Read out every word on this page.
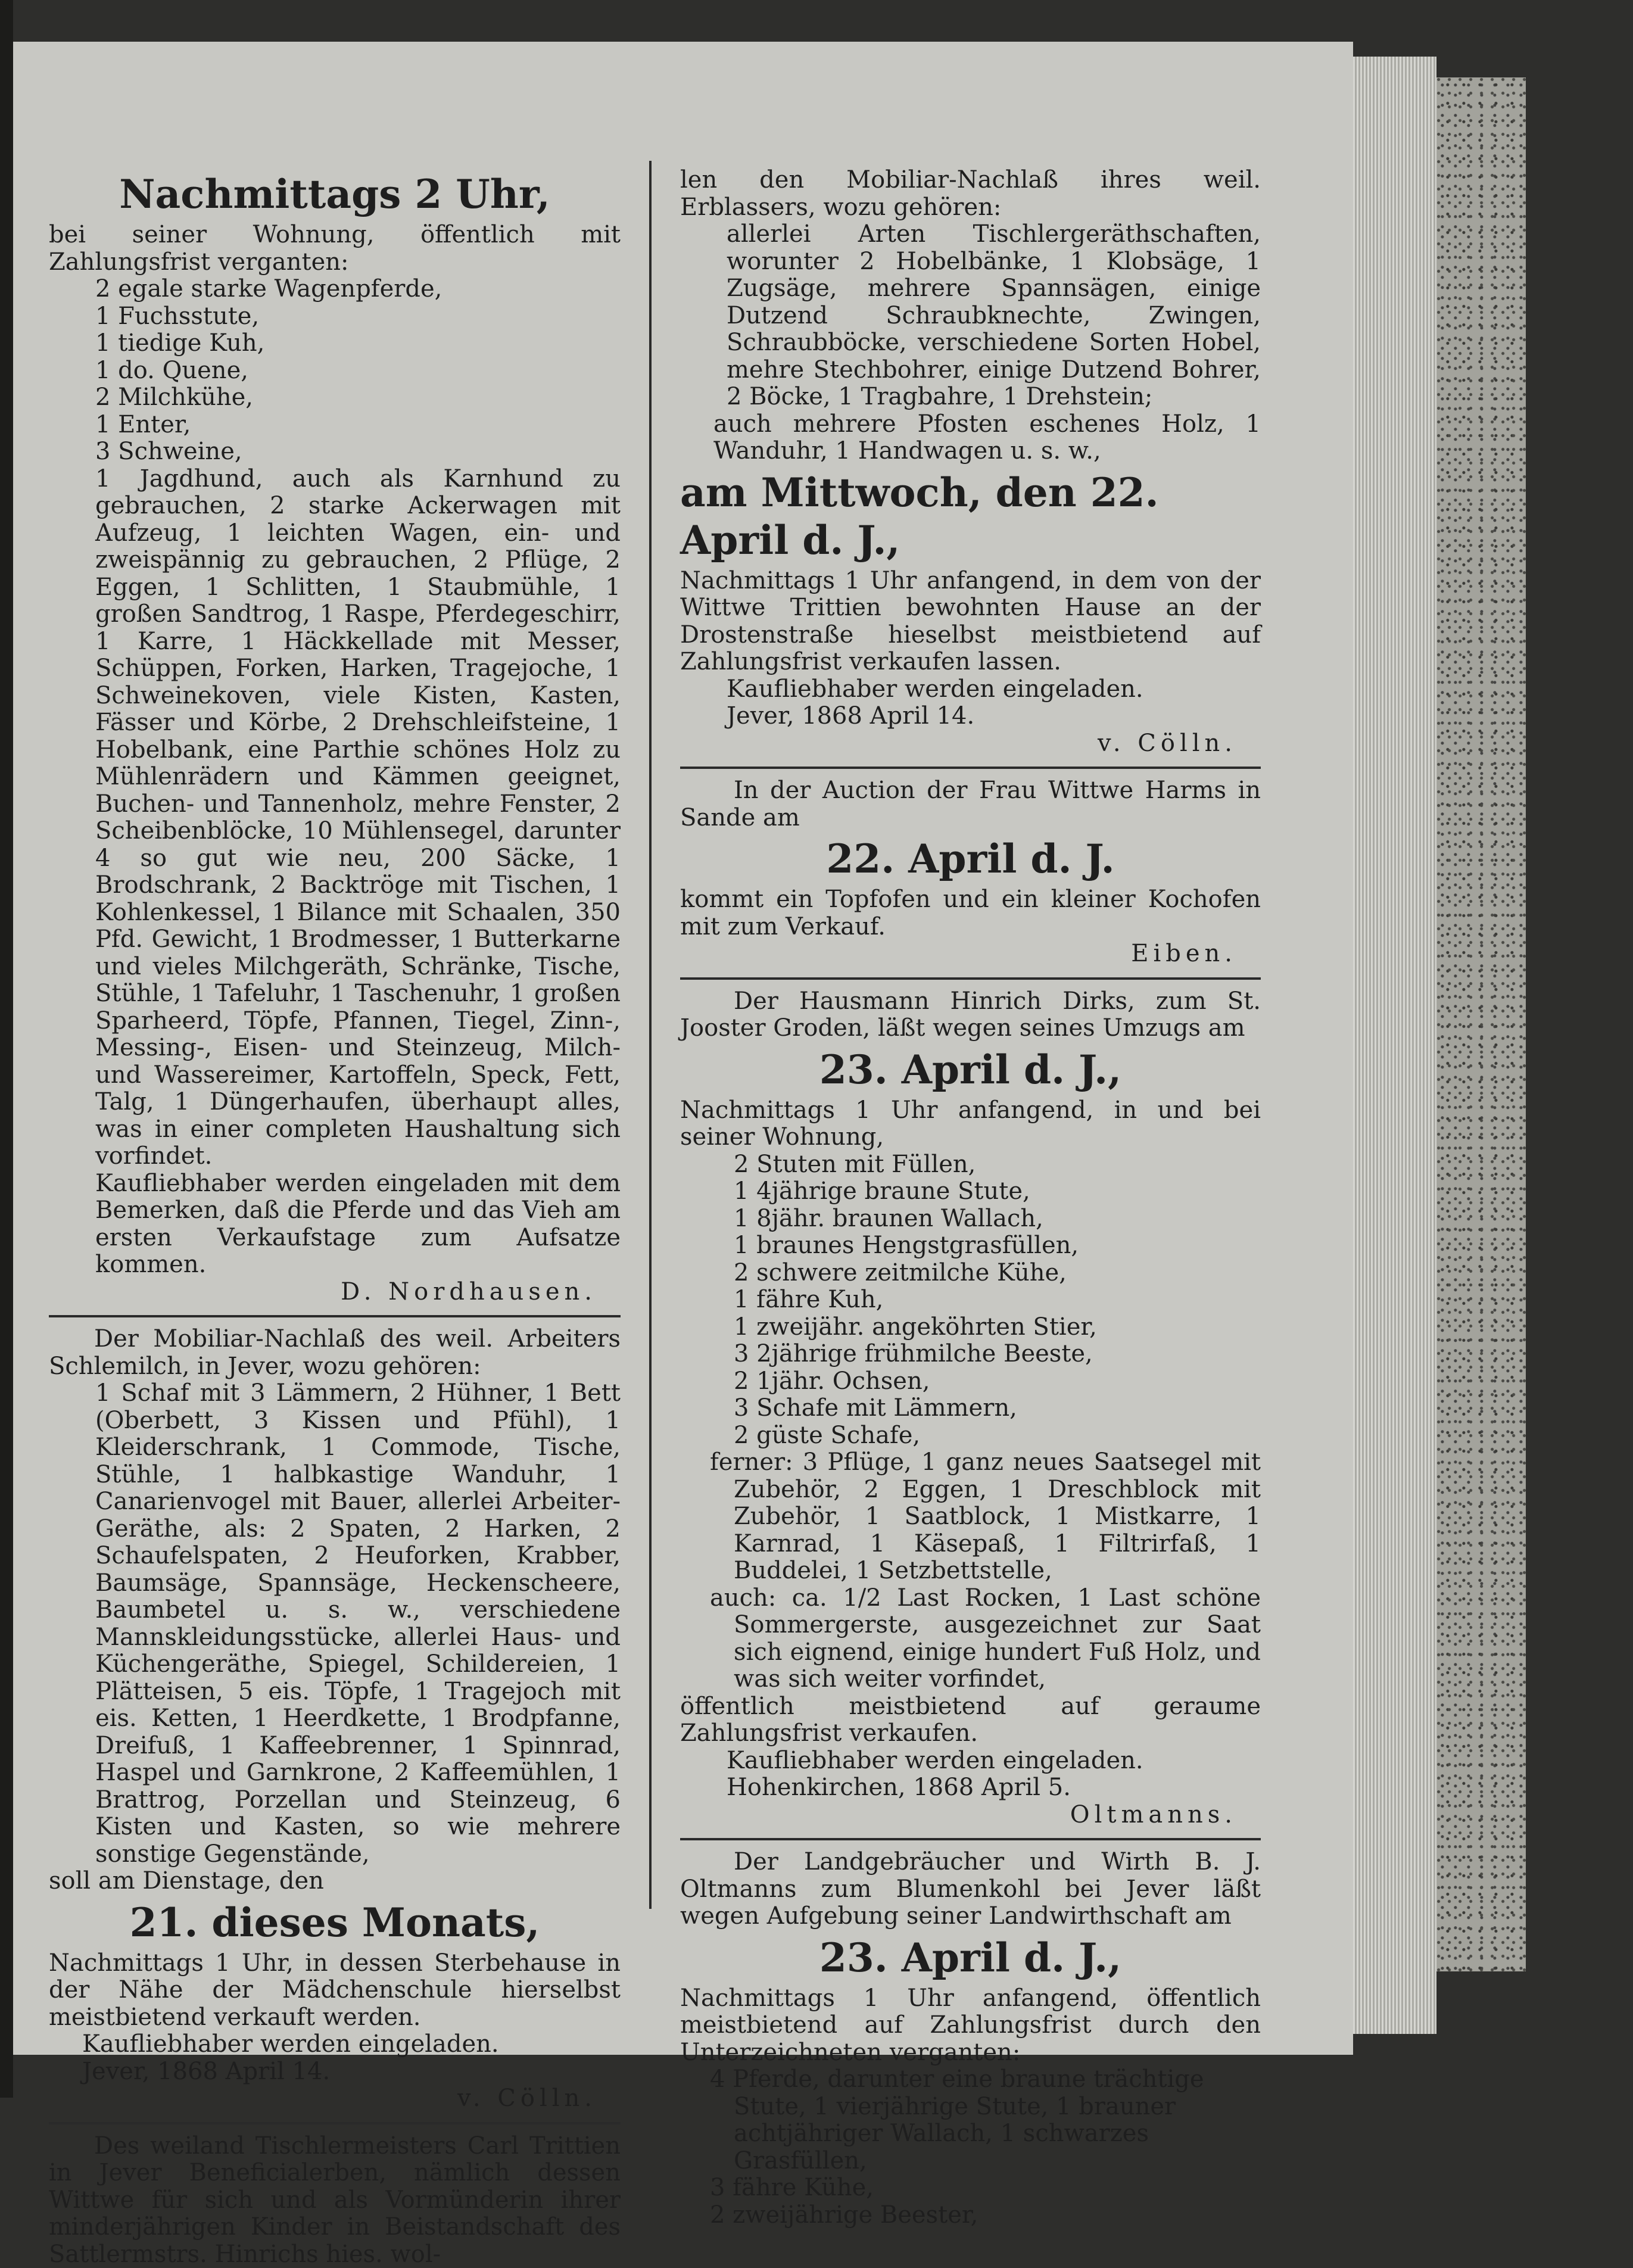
Nachmittags 2 Uhr,

bei seiner Wohnung, öffentlich mit Zahlungsfrist verganten:

2 egale starke Wagenpferde,
1 Fuchsstute,
1 tiedige Kuh,
1 do. Quene,
2 Milchkühe,
1 Enter,
3 Schweine,

1 Jagdhund, auch als Karnhund zu gebrauchen, 2 starke Ackerwagen mit Aufzeug, 1 leichten Wagen, ein- und zweispännig zu gebrauchen, 2 Pflüge, 2 Eggen, 1 Schlitten, 1 Staubmühle, 1 großen Sandtrog, 1 Raspe, Pferdegeschirr, 1 Karre, 1 Häckkellade mit Messer, Schüppen, Forken, Harken, Tragejoche, 1 Schweinekoven, viele Kisten, Kasten, Fässer und Körbe, 2 Drehschleifsteine, 1 Hobelbank, eine Parthie schönes Holz zu Mühlenrädern und Kämmen geeignet, Buchen- und Tannenholz, mehre Fenster, 2 Scheibenblöcke, 10 Mühlensegel, darunter 4 so gut wie neu, 200 Säcke, 1 Brodschrank, 2 Backtröge mit Tischen, 1 Kohlenkessel, 1 Bilance mit Schaalen, 350 Pfd. Gewicht, 1 Brodmesser, 1 Butterkarne und vieles Milchgeräth, Schränke, Tische, Stühle, 1 Tafeluhr, 1 Taschenuhr, 1 großen Sparheerd, Töpfe, Pfannen, Tiegel, Zinn-, Messing-, Eisen- und Steinzeug, Milch- und Wassereimer, Kartoffeln, Speck, Fett, Talg, 1 Düngerhaufen, überhaupt alles, was in einer completen Haushaltung sich vorfindet.

Kaufliebhaber werden eingeladen mit dem Bemerken, daß die Pferde und das Vieh am ersten Verkaufstage zum Aufsatze kommen.

D. Nordhausen.

Der Mobiliar-Nachlaß des weil. Arbeiters Schlemilch, in Jever, wozu gehören:

1 Schaf mit 3 Lämmern, 2 Hühner, 1 Bett (Oberbett, 3 Kissen und Pfühl), 1 Kleiderschrank, 1 Commode, Tische, Stühle, 1 halbkastige Wanduhr, 1 Canarienvogel mit Bauer, allerlei Arbeiter-Geräthe, als: 2 Spaten, 2 Harken, 2 Schaufelspaten, 2 Heuforken, Krabber, Baumsäge, Spannsäge, Heckenscheere, Baumbetel u. s. w., verschiedene Mannskleidungsstücke, allerlei Haus- und Küchengeräthe, Spiegel, Schildereien, 1 Plätteisen, 5 eis. Töpfe, 1 Tragejoch mit eis. Ketten, 1 Heerdkette, 1 Brodpfanne, Dreifuß, 1 Kaffeebrenner, 1 Spinnrad, Haspel und Garnkrone, 2 Kaffeemühlen, 1 Brattrog, Porzellan und Steinzeug, 6 Kisten und Kasten, so wie mehrere sonstige Gegenstände,

soll am Dienstage, den

21. dieses Monats,

Nachmittags 1 Uhr, in dessen Sterbehause in der Nähe der Mädchenschule hierselbst meistbietend verkauft werden.

Kaufliebhaber werden eingeladen.

Jever, 1868 April 14.

v. Cölln.

Des weiland Tischlermeisters Carl Trittien in Jever Beneficialerben, nämlich dessen Wittwe für sich und als Vormünderin ihrer minderjährigen Kinder in Beistandschaft des Sattlermstrs. Hinrichs hies. wol-

len den Mobiliar-Nachlaß ihres weil. Erblassers, wozu gehören:

allerlei Arten Tischlergeräthschaften, worunter 2 Hobelbänke, 1 Klobsäge, 1 Zugsäge, mehrere Spannsägen, einige Dutzend Schraubknechte, Zwingen, Schraubböcke, verschiedene Sorten Hobel, mehre Stechbohrer, einige Dutzend Bohrer, 2 Böcke, 1 Tragbahre, 1 Drehstein;

auch mehrere Pfosten eschenes Holz, 1 Wanduhr, 1 Handwagen u. s. w.,

am Mittwoch, den 22. April d. J.,

Nachmittags 1 Uhr anfangend, in dem von der Wittwe Trittien bewohnten Hause an der Drostenstraße hieselbst meistbietend auf Zahlungsfrist verkaufen lassen.

Kaufliebhaber werden eingeladen.

Jever, 1868 April 14.

v. Cölln.

In der Auction der Frau Wittwe Harms in Sande am

22. April d. J.

kommt ein Topfofen und ein kleiner Kochofen mit zum Verkauf.

Eiben.

Der Hausmann Hinrich Dirks, zum St. Jooster Groden, läßt wegen seines Umzugs am

23. April d. J.,

Nachmittags 1 Uhr anfangend, in und bei seiner Wohnung,

2 Stuten mit Füllen,
1 4jährige braune Stute,
1 8jähr. braunen Wallach,
1 braunes Hengstgrasfüllen,
2 schwere zeitmilche Kühe,
1 fähre Kuh,
1 zweijähr. angeköhrten Stier,
3 2jährige frühmilche Beeste,
2 1jähr. Ochsen,
3 Schafe mit Lämmern,
2 güste Schafe,

ferner: 3 Pflüge, 1 ganz neues Saatsegel mit Zubehör, 2 Eggen, 1 Dreschblock mit Zubehör, 1 Saatblock, 1 Mistkarre, 1 Karnrad, 1 Käsepaß, 1 Filtrirfaß, 1 Buddelei, 1 Setzbettstelle,

auch: ca. 1/2 Last Rocken, 1 Last schöne Sommergerste, ausgezeichnet zur Saat sich eignend, einige hundert Fuß Holz, und was sich weiter vorfindet,

öffentlich meistbietend auf geraume Zahlungsfrist verkaufen.

Kaufliebhaber werden eingeladen.

Hohenkirchen, 1868 April 5.

Oltmanns.

Der Landgebräucher und Wirth B. J. Oltmanns zum Blumenkohl bei Jever läßt wegen Aufgebung seiner Landwirthschaft am

23. April d. J.,

Nachmittags 1 Uhr anfangend, öffentlich meistbietend auf Zahlungsfrist durch den Unterzeichneten verganten:

4 Pferde, darunter eine braune trächtige Stute, 1 vierjährige Stute, 1 brauner achtjähriger Wallach, 1 schwarzes Grasfüllen,
3 fähre Kühe,
2 zweijährige Beester,
